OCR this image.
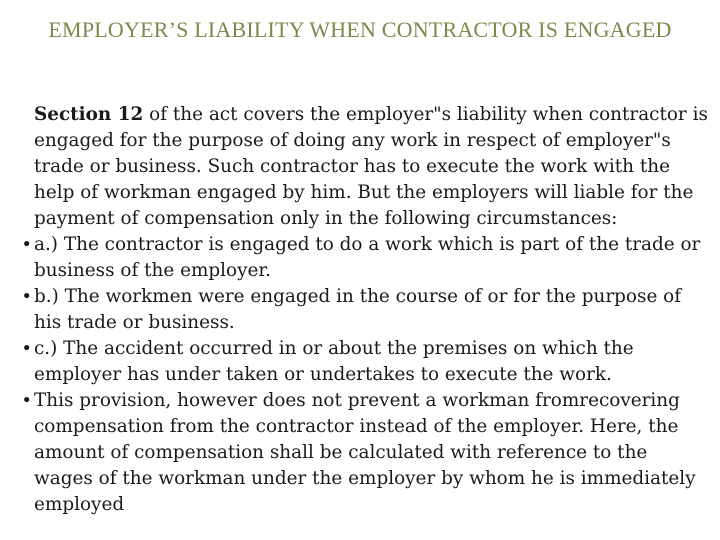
EMPLOYER’S LIABILITY WHEN CONTRACTOR IS ENGAGED
Section 12 of the act covers the employer"s liability when contractor is engaged for the purpose of doing any work in respect of employer"s trade or business. Such contractor has to execute the work with the help of workman engaged by him. But the employers will liable for the payment of compensation only in the following circumstances:
• a.) The contractor is engaged to do a work which is part of the trade or business of the employer.
• b.) The workmen were engaged in the course of or for the purpose of his trade or business.
• c.) The accident occurred in or about the premises on which the employer has under taken or undertakes to execute the work.
• This provision, however does not prevent a workman fromrecovering compensation from the contractor instead of the employer. Here, the amount of compensation shall be calculated with reference to the wages of the workman under the employer by whom he is immediately employed
